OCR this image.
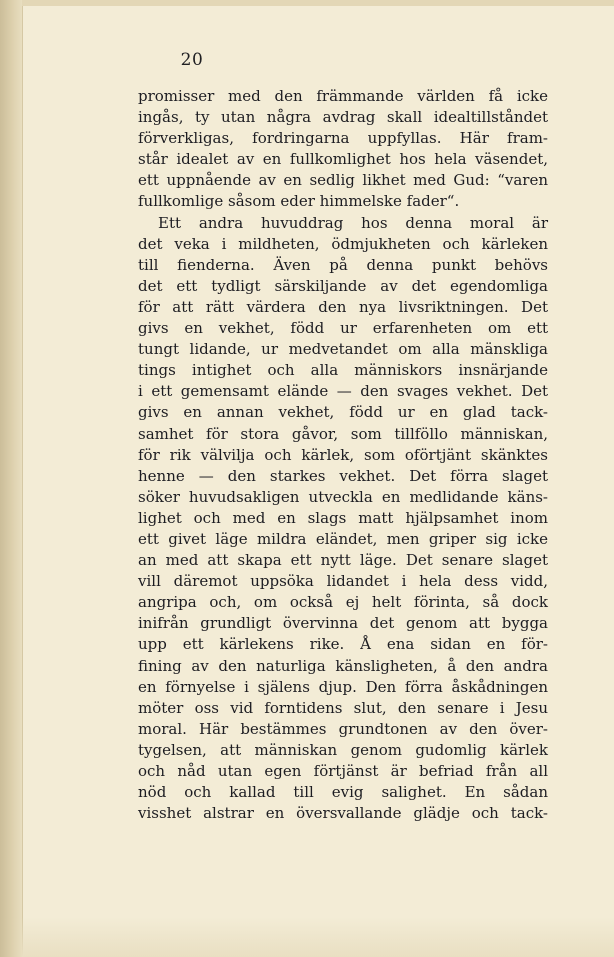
20
promisser med den främmande världen få icke
ingås, ty utan några avdrag skall idealtillståndet
förverkligas, fordringarna uppfyllas. Här fram-
står idealet av en fullkomlighet hos hela väsendet,
ett uppnående av en sedlig likhet med Gud: “varen
fullkomlige såsom eder himmelske fader“.
Ett andra huvuddrag hos denna moral är
det veka i mildheten, ödmjukheten och kärleken
till fienderna. Även på denna punkt behövs
det ett tydligt särskiljande av det egendomliga
för att rätt värdera den nya livsriktningen. Det
givs en vekhet, född ur erfarenheten om ett
tungt lidande, ur medvetandet om alla mänskliga
tings intighet och alla människors insnärjande
i ett gemensamt elände — den svages vekhet. Det
givs en annan vekhet, född ur en glad tack-
samhet för stora gåvor, som tillföllo människan,
för rik välvilja och kärlek, som oförtjänt skänktes
henne — den starkes vekhet. Det förra slaget
söker huvudsakligen utveckla en medlidande käns-
lighet och med en slags matt hjälpsamhet inom
ett givet läge mildra eländet, men griper sig icke
an med att skapa ett nytt läge. Det senare slaget
vill däremot uppsöka lidandet i hela dess vidd,
angripa och, om också ej helt förinta, så dock
inifrån grundligt övervinna det genom att bygga
upp ett kärlekens rike. Å ena sidan en för-
fining av den naturliga känsligheten, å den andra
en förnyelse i själens djup. Den förra åskådningen
möter oss vid forntidens slut, den senare i Jesu
moral. Här bestämmes grundtonen av den över-
tygelsen, att människan genom gudomlig kärlek
och nåd utan egen förtjänst är befriad från all
nöd och kallad till evig salighet. En sådan
visshet alstrar en översvallande glädje och tack-
